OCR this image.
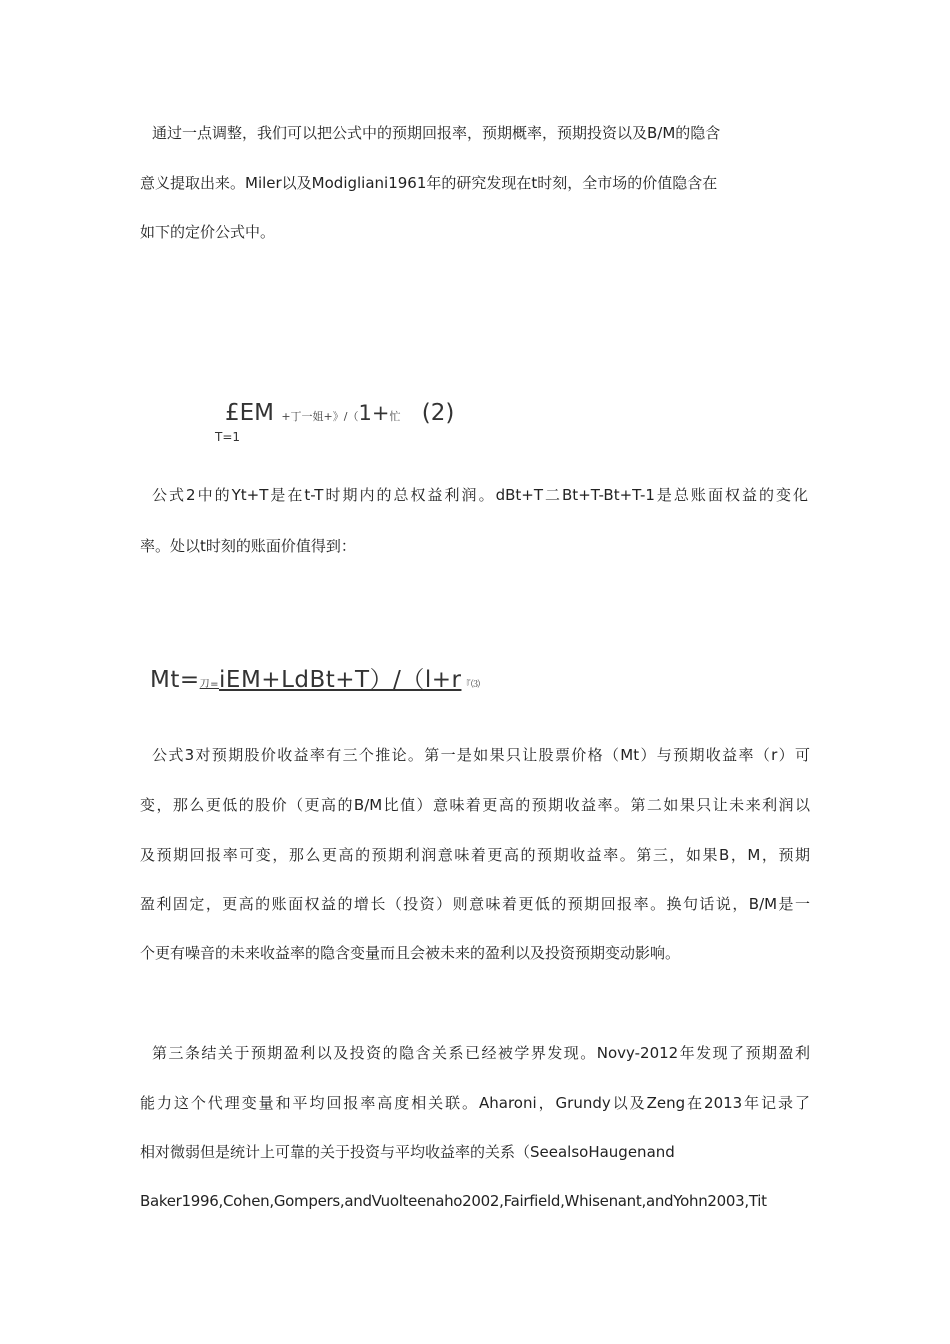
通过一点调整，我们可以把公式中的预期回报率，预期概率，预期投资以及B/M的隐含
意义提取出来。Miler以及Modigliani1961年的研究发现在t时刻，全市场的价值隐含在
如下的定价公式中。
£EM +丁一姐+》/（1+忙 (2)
T=1
公式2中的Yt+T是在t-T时期内的总权益利润。dBt+T二Bt+T-Bt+T-1是总账面权益的变化
率。处以t时刻的账面价值得到：
Mt=刀=iEM+LdBt+T）/（l+r『⑶
公式3对预期股价收益率有三个推论。第一是如果只让股票价格（Mt）与预期收益率（r）可
变，那么更低的股价（更高的B/M比值）意味着更高的预期收益率。第二如果只让未来利润以
及预期回报率可变，那么更高的预期利润意味着更高的预期收益率。第三，如果B，M，预期
盈利固定，更高的账面权益的增长（投资）则意味着更低的预期回报率。换句话说，B/M是一
个更有噪音的未来收益率的隐含变量而且会被未来的盈利以及投资预期变动影响。
第三条结关于预期盈利以及投资的隐含关系已经被学界发现。Novy-2012年发现了预期盈利
能力这个代理变量和平均回报率高度相关联。Aharoni，Grundy以及Zeng在2013年记录了
相对微弱但是统计上可靠的关于投资与平均收益率的关系（SeealsoHaugenand
Baker1996,Cohen,Gompers,andVuolteenaho2002,Fairfield,Whisenant,andYohn2003,Tit
